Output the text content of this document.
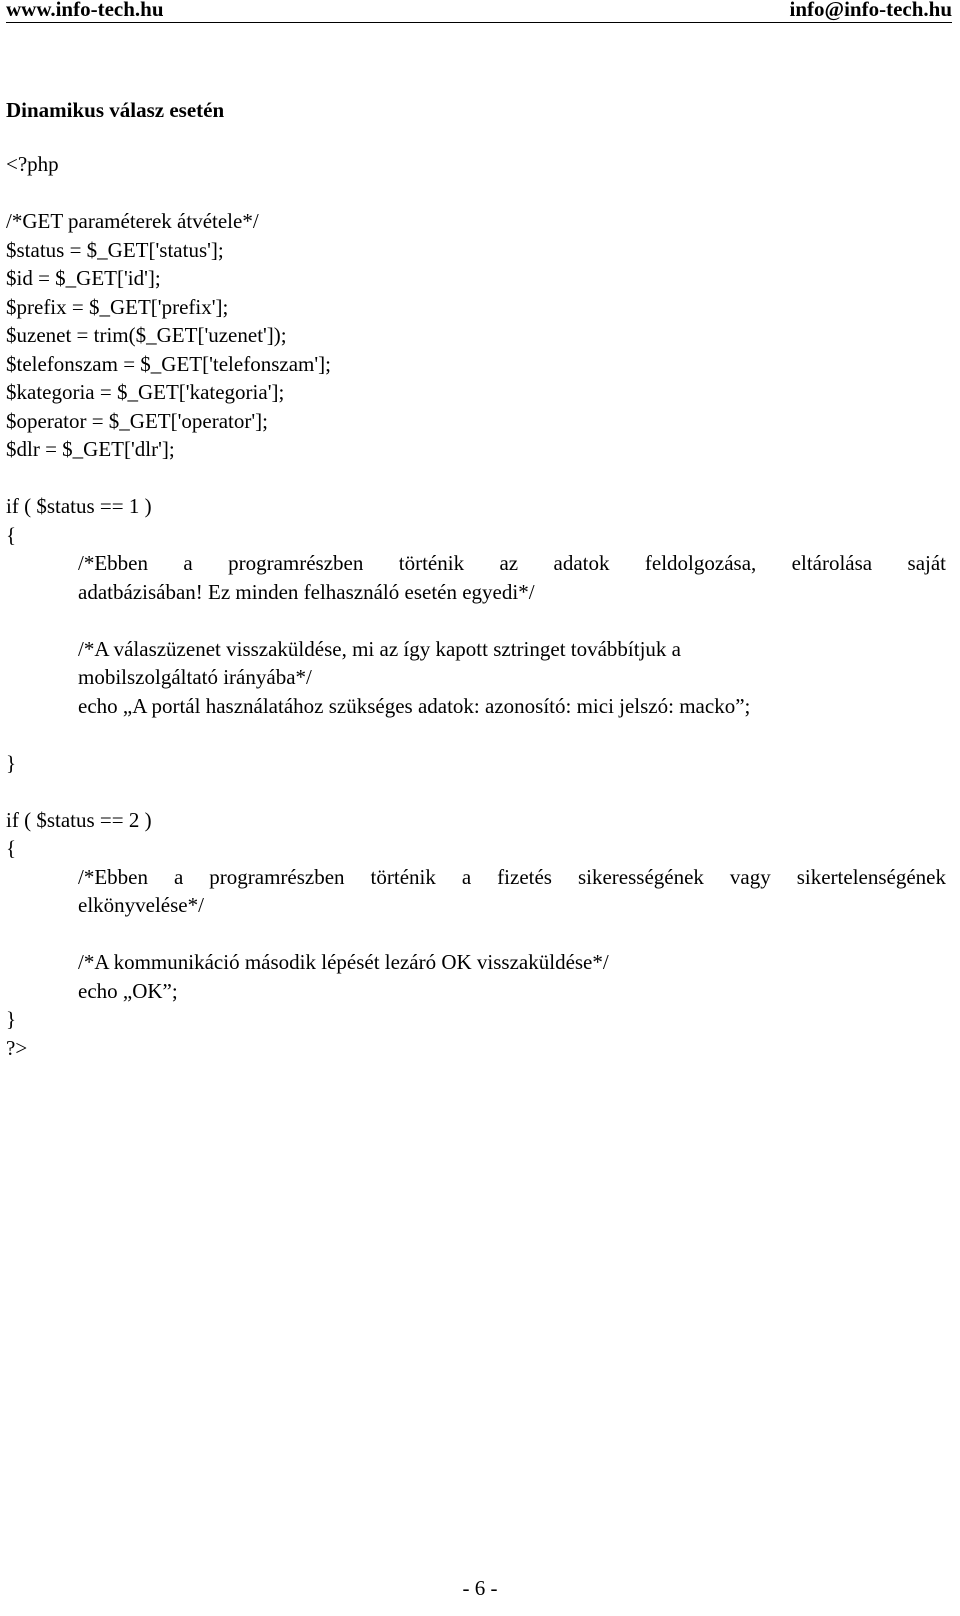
www.info-tech.hu	info@info-tech.hu
Dinamikus válasz esetén
<?php
/*GET paraméterek átvétele*/
$status = $_GET['status'];
$id = $_GET['id'];
$prefix = $_GET['prefix'];
$uzenet = trim($_GET['uzenet']);
$telefonszam = $_GET['telefonszam'];
$kategoria = $_GET['kategoria'];
$operator = $_GET['operator'];
$dlr = $_GET['dlr'];
if ( $status == 1 )
{
/*Ebben a programrészben történik az adatok feldolgozása, eltárolása saját
adatbázisában! Ez minden felhasználó esetén egyedi*/
/*A válaszüzenet visszaküldése, mi az így kapott sztringet továbbítjuk a
mobilszolgáltató irányába*/
echo „A portál használatához szükséges adatok: azonosító: mici jelszó: macko”;
}
if ( $status == 2 )
{
/*Ebben a programrészben történik a fizetés sikerességének vagy sikertelenségének
elkönyvelése*/
/*A kommunikáció második lépését lezáró OK visszaküldése*/
echo „OK”;
}
?>
- 6 -
